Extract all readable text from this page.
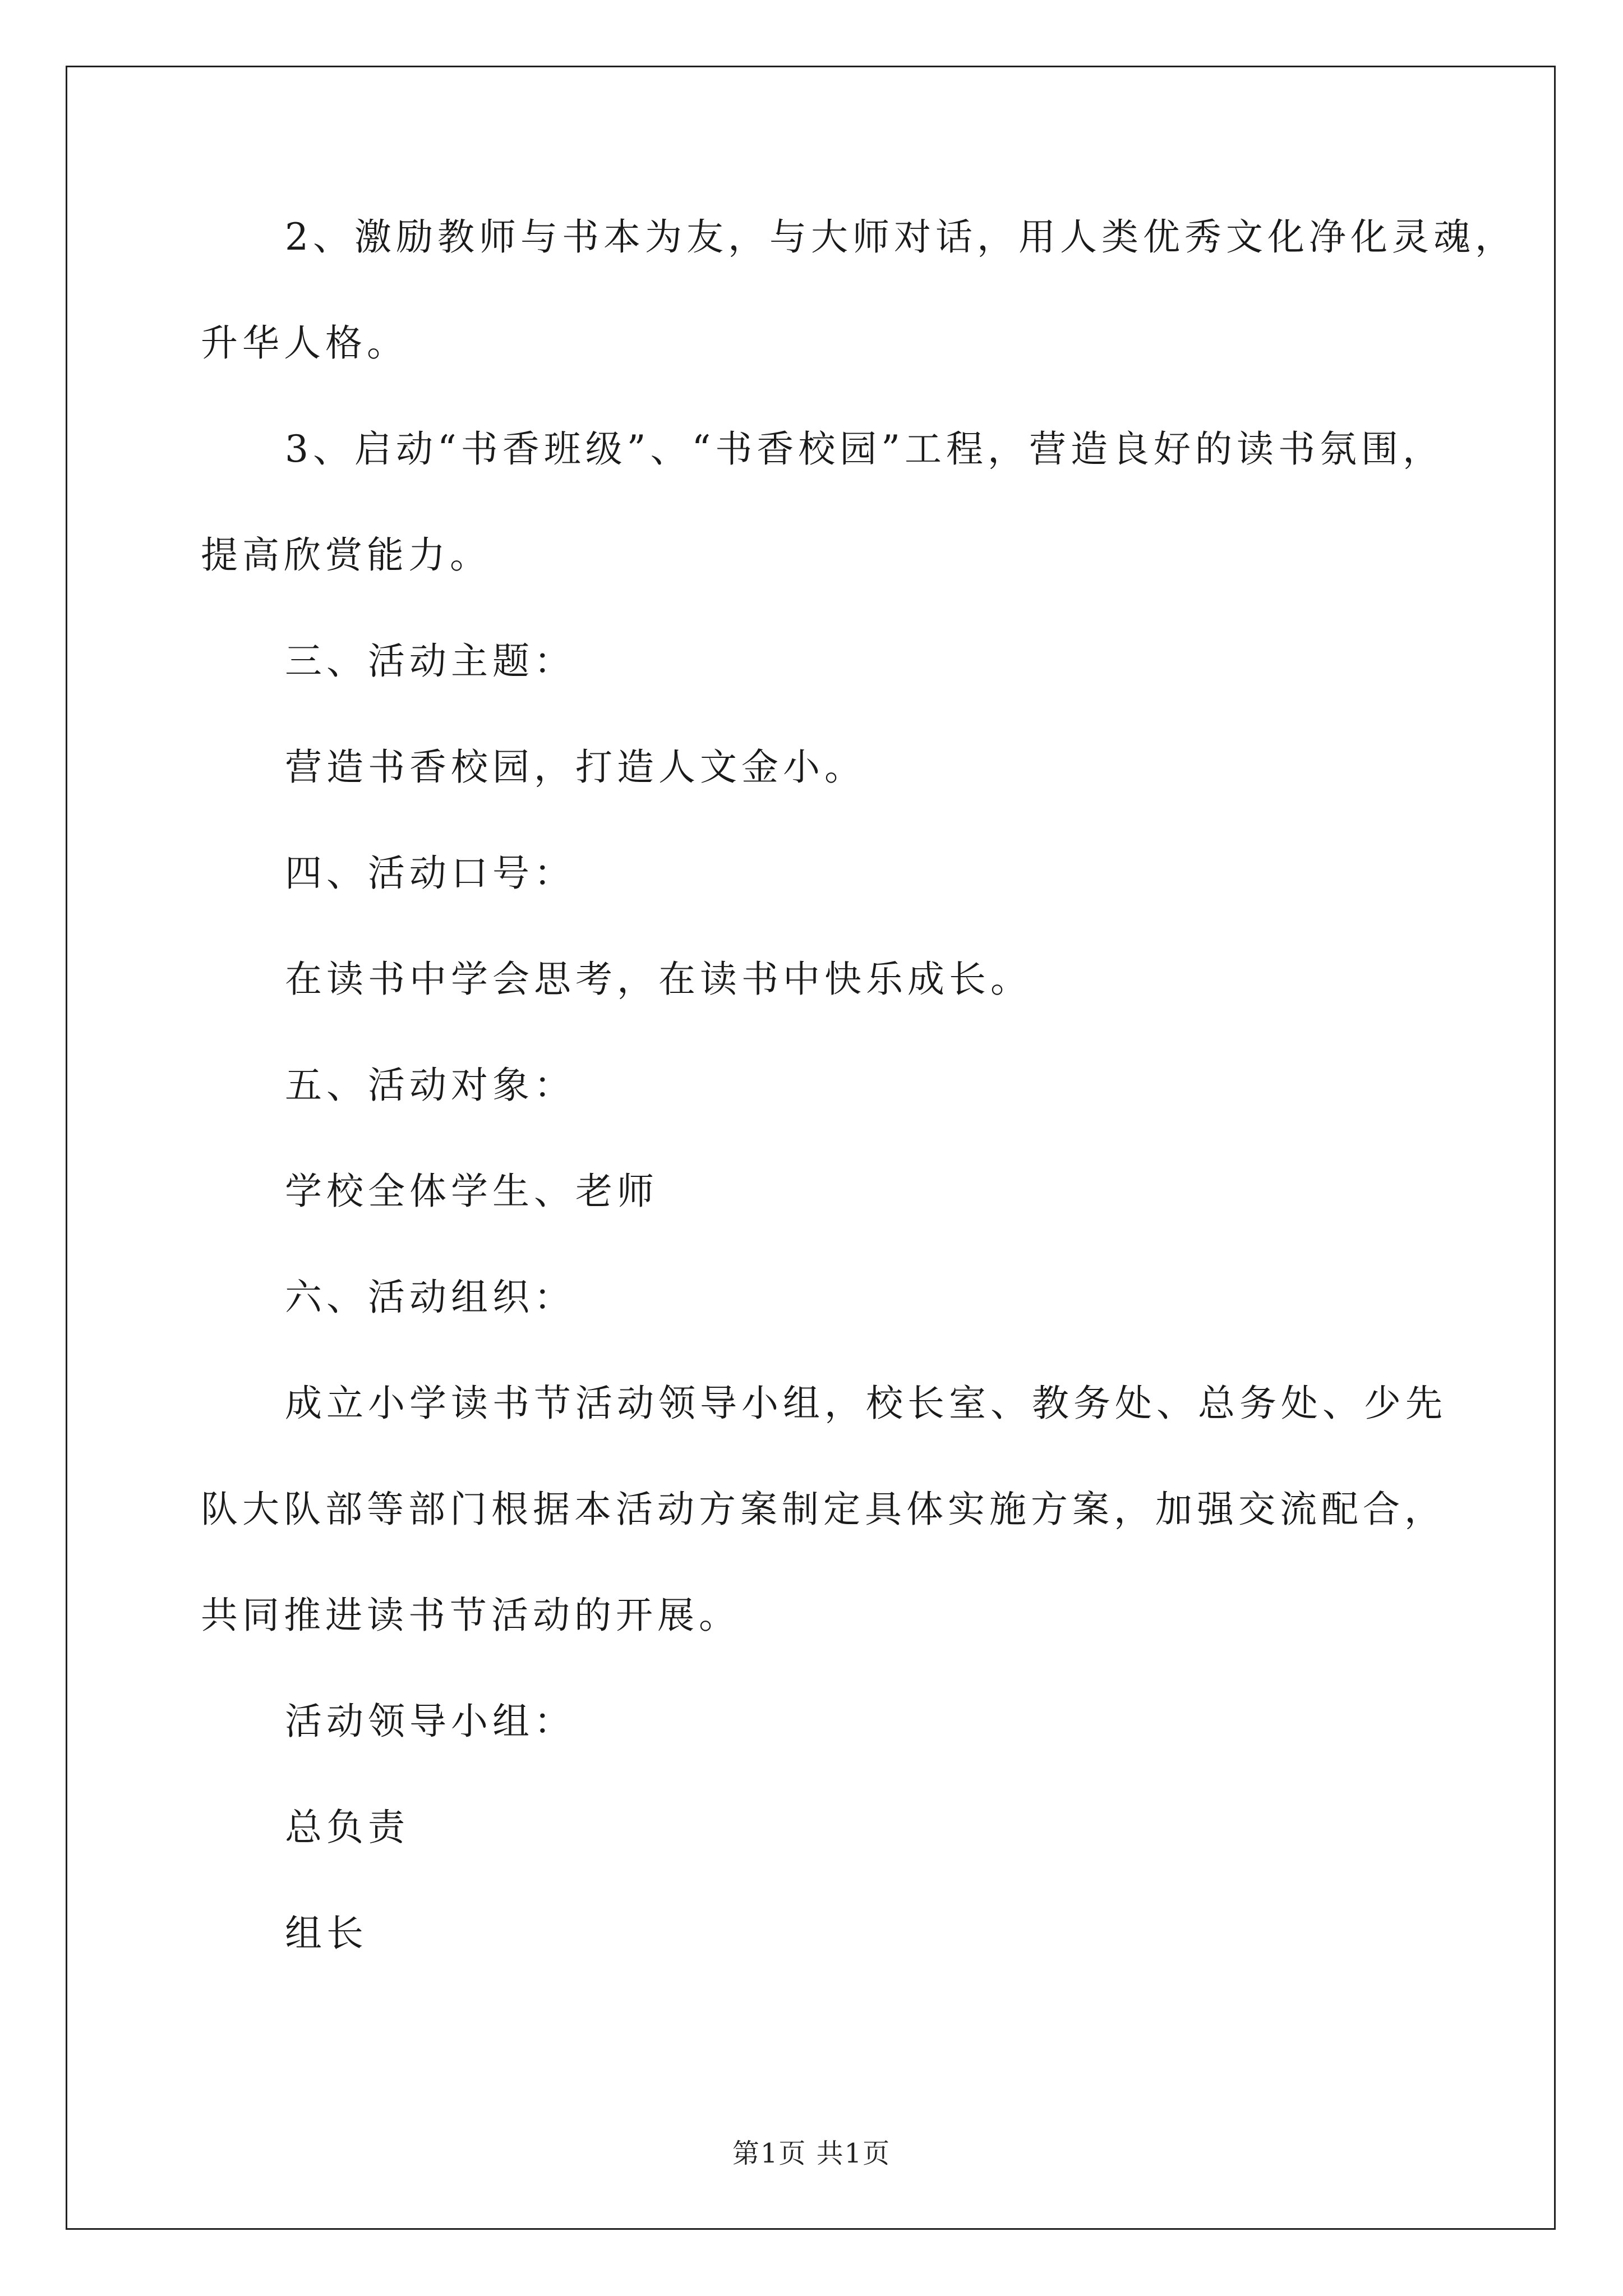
2、激励教师与书本为友，与大师对话，用人类优秀文化净化灵魂，
升华人格。
3、启动“书香班级”、“书香校园”工程，营造良好的读书氛围，
提高欣赏能力。
三、活动主题：
营造书香校园，打造人文金小。
四、活动口号：
在读书中学会思考，在读书中快乐成长。
五、活动对象：
学校全体学生、老师
六、活动组织：
成立小学读书节活动领导小组，校长室、教务处、总务处、少先
队大队部等部门根据本活动方案制定具体实施方案，加强交流配合，
共同推进读书节活动的开展。
活动领导小组：
总负责
组长
第1页 共1页
